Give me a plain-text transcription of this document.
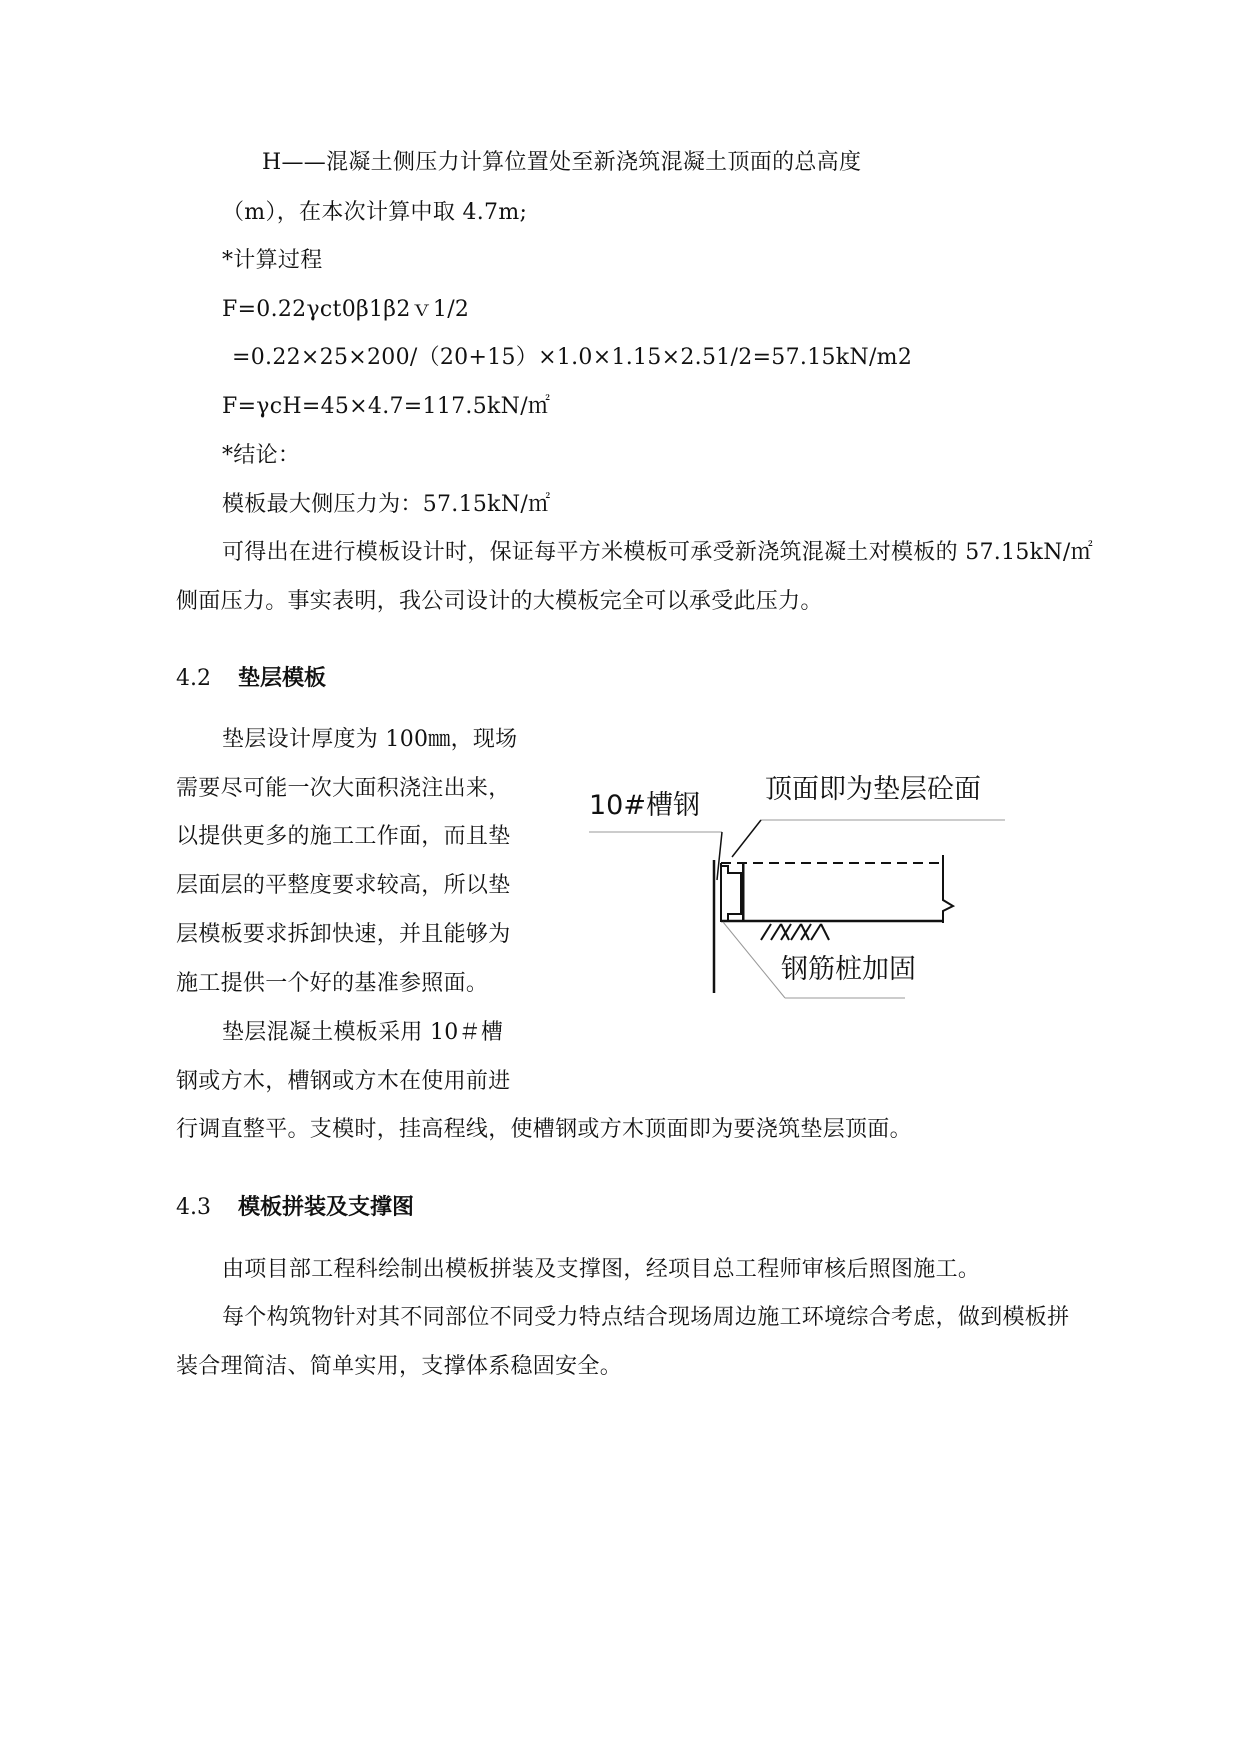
H——混凝土侧压力计算位置处至新浇筑混凝土顶面的总高度
（m），在本次计算中取 4.7m;
*计算过程
F=0.22γct0β1β2ｖ1/2
=0.22×25×200/（20+15）×1.0×1.15×2.51/2=57.15kN/m2
F=γcH=45×4.7=117.5kN/㎡
*结论：
模板最大侧压力为：57.15kN/㎡
可得出在进行模板设计时，保证每平方米模板可承受新浇筑混凝土对模板的 57.15kN/㎡
侧面压力。事实表明，我公司设计的大模板完全可以承受此压力。
4.2 垫层模板
垫层设计厚度为 100㎜，现场
需要尽可能一次大面积浇注出来，
以提供更多的施工工作面，而且垫
层面层的平整度要求较高，所以垫
层模板要求拆卸快速，并且能够为
施工提供一个好的基准参照面。
垫层混凝土模板采用 10＃槽
钢或方木，槽钢或方木在使用前进
行调直整平。支模时，挂高程线，使槽钢或方木顶面即为要浇筑垫层顶面。
10#槽钢
顶面即为垫层砼面
钢筋桩加固
4.3 模板拼装及支撑图
由项目部工程科绘制出模板拼装及支撑图，经项目总工程师审核后照图施工。
每个构筑物针对其不同部位不同受力特点结合现场周边施工环境综合考虑，做到模板拼
装合理简洁、简单实用，支撑体系稳固安全。
